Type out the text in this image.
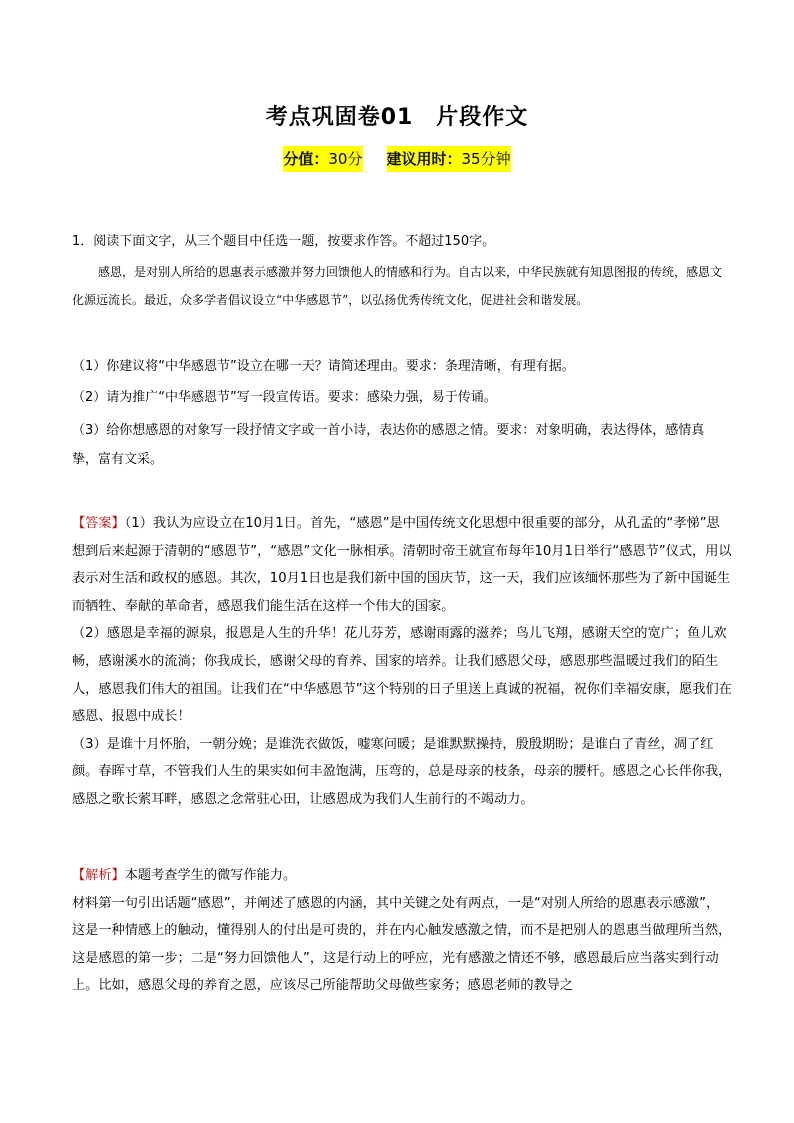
考点巩固卷01　片段作文
分值：30分 建议用时：35分钟

1．阅读下面文字，从三个题目中任选一题，按要求作答。不超过150字。

感恩，是对别人所给的恩惠表示感激并努力回馈他人的情感和行为。自古以来，中华民族就有知恩图报的传统，感恩文化源远流长。最近，众多学者倡议设立“中华感恩节”，以弘扬优秀传统文化，促进社会和谐发展。

（1）你建议将“中华感恩节”设立在哪一天？请简述理由。要求：条理清晰，有理有据。

（2）请为推广“中华感恩节”写一段宣传语。要求：感染力强，易于传诵。

（3）给你想感恩的对象写一段抒情文字或一首小诗，表达你的感恩之情。要求：对象明确，表达得体，感情真挚，富有文采。

【答案】（1）我认为应设立在10月1日。首先，“感恩”是中国传统文化思想中很重要的部分，从孔孟的“孝悌”思想到后来起源于清朝的“感恩节”，“感恩”文化一脉相承。清朝时帝王就宣布每年10月1日举行“感恩节”仪式，用以表示对生活和政权的感恩。其次，10月1日也是我们新中国的国庆节，这一天，我们应该缅怀那些为了新中国诞生而牺牲、奉献的革命者，感恩我们能生活在这样一个伟大的国家。

（2）感恩是幸福的源泉，报恩是人生的升华！花儿芬芳，感谢雨露的滋养；鸟儿飞翔，感谢天空的宽广；鱼儿欢畅，感谢溪水的流淌；你我成长，感谢父母的育养、国家的培养。让我们感恩父母，感恩那些温暖过我们的陌生人，感恩我们伟大的祖国。让我们在“中华感恩节”这个特别的日子里送上真诚的祝福，祝你们幸福安康，愿我们在感恩、报恩中成长！

（3）是谁十月怀胎，一朝分娩；是谁洗衣做饭，嘘寒问暖；是谁默默操持，殷殷期盼；是谁白了青丝，凋了红颜。春晖寸草，不管我们人生的果实如何丰盈饱满，压弯的，总是母亲的枝条，母亲的腰杆。感恩之心长伴你我，感恩之歌长萦耳畔，感恩之念常驻心田，让感恩成为我们人生前行的不竭动力。

【解析】本题考查学生的微写作能力。

材料第一句引出话题“感恩”，并阐述了感恩的内涵，其中关键之处有两点，一是“对别人所给的恩惠表示感激”，这是一种情感上的触动，懂得别人的付出是可贵的，并在内心触发感激之情，而不是把别人的恩惠当做理所当然，这是感恩的第一步；二是“努力回馈他人”，这是行动上的呼应，光有感激之情还不够，感恩最后应当落实到行动上。比如，感恩父母的养育之恩，应该尽己所能帮助父母做些家务；感恩老师的教导之
